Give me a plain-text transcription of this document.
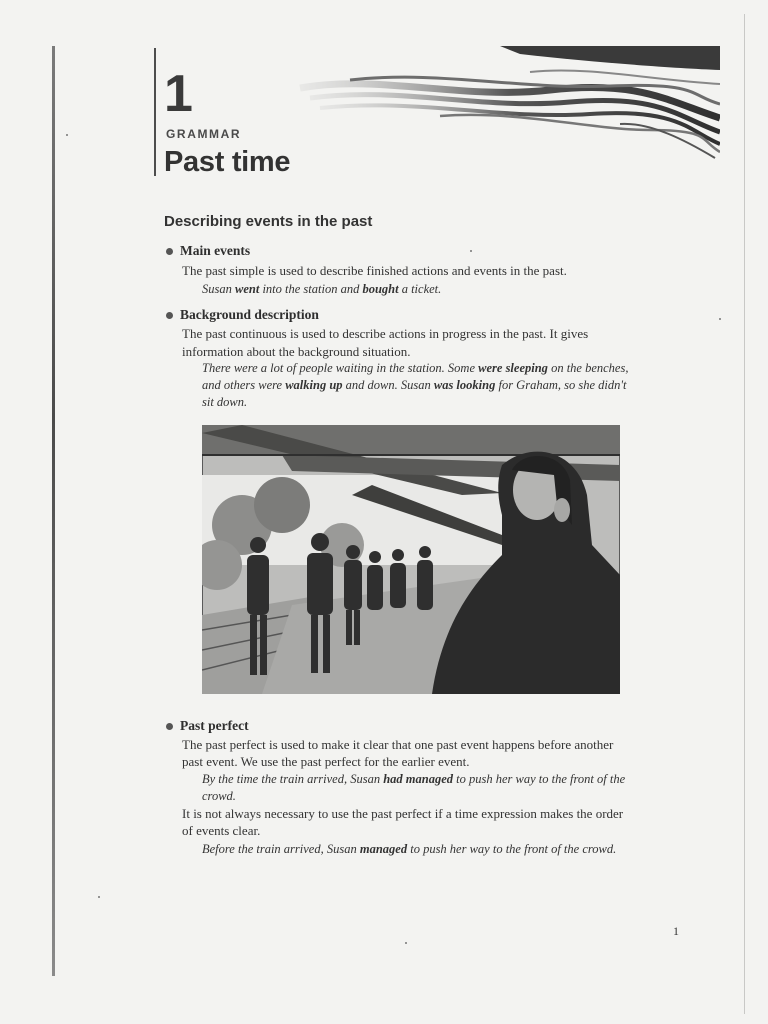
1
GRAMMAR
Past time
Describing events in the past
Main events
The past simple is used to describe finished actions and events in the past.
Susan went into the station and bought a ticket.
Background description
The past continuous is used to describe actions in progress in the past. It gives
information about the background situation.
There were a lot of people waiting in the station. Some were sleeping on the benches,
and others were walking up and down. Susan was looking for Graham, so she didn't
sit down.
Past perfect
The past perfect is used to make it clear that one past event happens before another
past event. We use the past perfect for the earlier event.
By the time the train arrived, Susan had managed to push her way to the front of the
crowd.
It is not always necessary to use the past perfect if a time expression makes the order
of events clear.
Before the train arrived, Susan managed to push her way to the front of the crowd.
1
